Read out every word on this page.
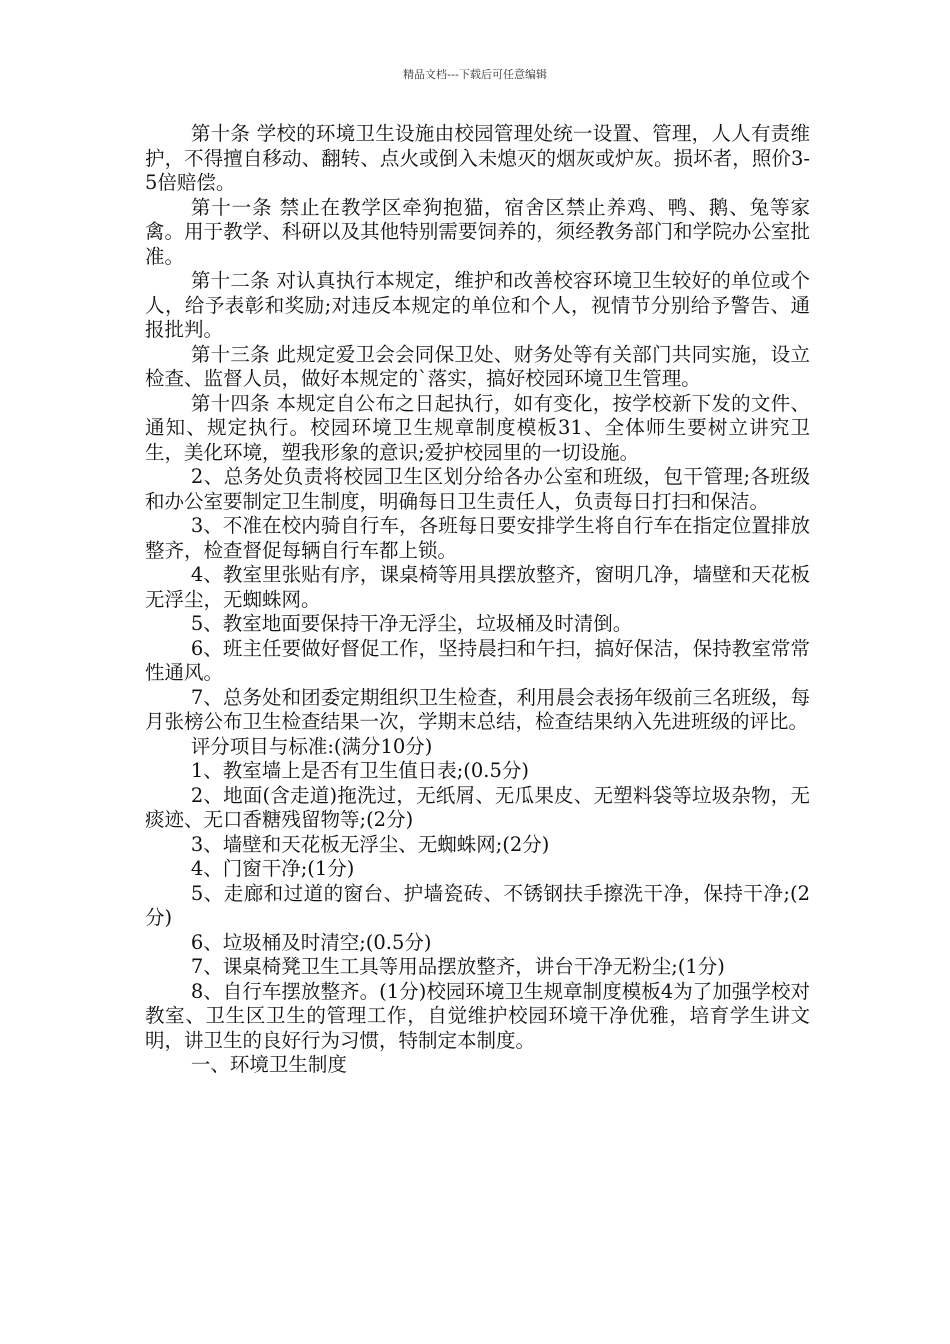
精品文档---下载后可任意编辑

第十条 学校的环境卫生设施由校园管理处统一设置、管理，人人有责维护，不得擅自移动、翻转、点火或倒入未熄灭的烟灰或炉灰。损坏者，照价3-5倍赔偿。

第十一条 禁止在教学区牵狗抱猫，宿舍区禁止养鸡、鸭、鹅、兔等家禽。用于教学、科研以及其他特别需要饲养的，须经教务部门和学院办公室批准。

第十二条 对认真执行本规定，维护和改善校容环境卫生较好的单位或个人，给予表彰和奖励;对违反本规定的单位和个人，视情节分别给予警告、通报批判。

第十三条 此规定爱卫会会同保卫处、财务处等有关部门共同实施，设立检查、监督人员，做好本规定的`落实，搞好校园环境卫生管理。

第十四条 本规定自公布之日起执行，如有变化，按学校新下发的文件、通知、规定执行。校园环境卫生规章制度模板31、全体师生要树立讲究卫生，美化环境，塑我形象的意识;爱护校园里的一切设施。

2、总务处负责将校园卫生区划分给各办公室和班级，包干管理;各班级和办公室要制定卫生制度，明确每日卫生责任人，负责每日打扫和保洁。

3、不准在校内骑自行车，各班每日要安排学生将自行车在指定位置排放整齐，检查督促每辆自行车都上锁。

4、教室里张贴有序，课桌椅等用具摆放整齐，窗明几净，墙壁和天花板无浮尘，无蜘蛛网。

5、教室地面要保持干净无浮尘，垃圾桶及时清倒。

6、班主任要做好督促工作，坚持晨扫和午扫，搞好保洁，保持教室常常性通风。

7、总务处和团委定期组织卫生检查，利用晨会表扬年级前三名班级，每月张榜公布卫生检查结果一次，学期末总结，检查结果纳入先进班级的评比。

评分项目与标准:(满分10分)

1、教室墙上是否有卫生值日表;(0.5分)

2、地面(含走道)拖洗过，无纸屑、无瓜果皮、无塑料袋等垃圾杂物，无痰迹、无口香糖残留物等;(2分)

3、墙壁和天花板无浮尘、无蜘蛛网;(2分)

4、门窗干净;(1分)

5、走廊和过道的窗台、护墙瓷砖、不锈钢扶手擦洗干净，保持干净;(2分)

6、垃圾桶及时清空;(0.5分)

7、课桌椅凳卫生工具等用品摆放整齐，讲台干净无粉尘;(1分)

8、自行车摆放整齐。(1分)校园环境卫生规章制度模板4为了加强学校对教室、卫生区卫生的管理工作，自觉维护校园环境干净优雅，培育学生讲文明，讲卫生的良好行为习惯，特制定本制度。

一、环境卫生制度
